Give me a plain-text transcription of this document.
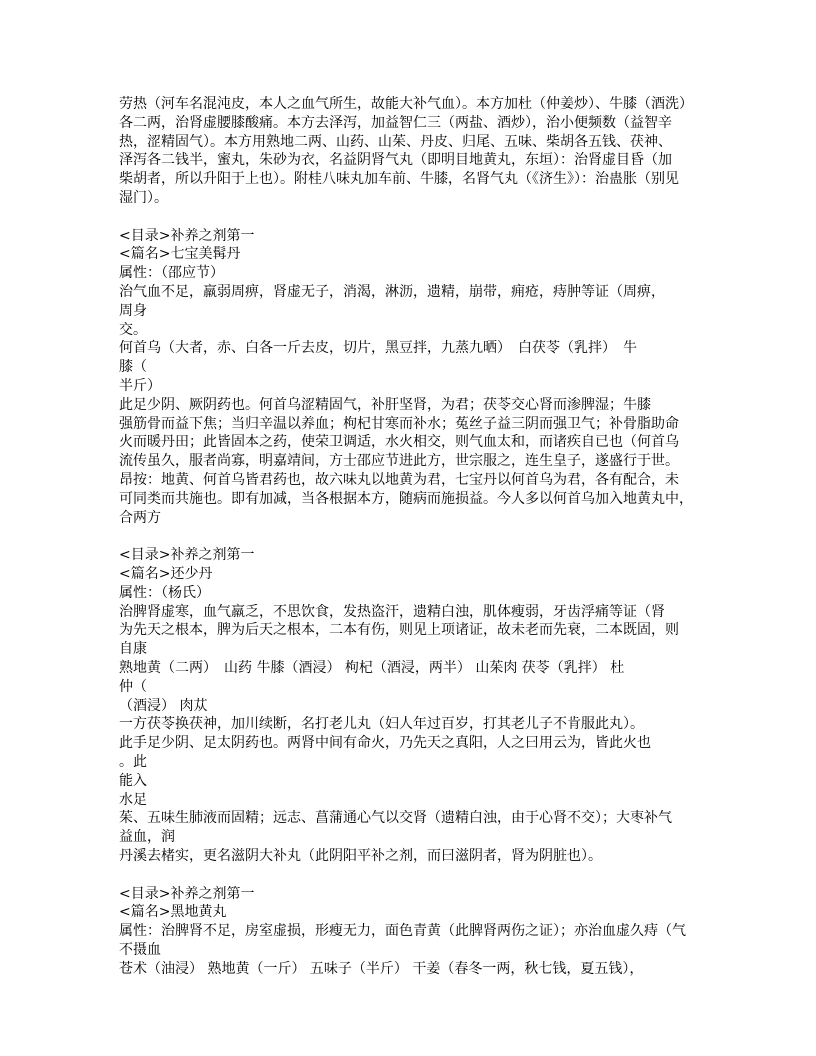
劳热（河车名混沌皮，本人之血气所生，故能大补气血）。本方加杜（仲姜炒）、牛膝（酒洗）
各二两，治肾虚腰膝酸痛。本方去泽泻，加益智仁三（两盐、酒炒），治小便频数（益智辛
热，涩精固气）。本方用熟地二两、山药、山茱、丹皮、归尾、五味、柴胡各五钱、茯神、
泽泻各二钱半，蜜丸，朱砂为衣，名益阴肾气丸（即明目地黄丸，东垣）：治肾虚目昏（加
柴胡者，所以升阳于上也）。附桂八味丸加车前、牛膝，名肾气丸（《济生》）：治蛊胀（别见
湿门）。
<目录>补养之剂第一
<篇名>七宝美髯丹
属性：（邵应节）
治气血不足，羸弱周痹，肾虚无子，消渴，淋沥，遗精，崩带，痈疮，痔肿等证（周痹，
周身
交。
何首乌（大者，赤、白各一斤去皮，切片，黑豆拌，九蒸九晒）　白茯苓（乳拌）　牛
膝（
半斤）
此足少阴、厥阴药也。何首乌涩精固气，补肝坚肾，为君；茯苓交心肾而渗脾湿；牛膝
强筋骨而益下焦；当归辛温以养血；枸杞甘寒而补水；菟丝子益三阴而强卫气；补骨脂助命
火而暖丹田；此皆固本之药，使荣卫调适，水火相交，则气血太和，而诸疾自已也（何首乌
流传虽久，服者尚寡，明嘉靖间，方士邵应节进此方，世宗服之，连生皇子，遂盛行于世。
昂按：地黄、何首乌皆君药也，故六味丸以地黄为君，七宝丹以何首乌为君，各有配合，未
可同类而共施也。即有加减，当各根据本方，随病而施损益。今人多以何首乌加入地黄丸中，
合两方
<目录>补养之剂第一
<篇名>还少丹
属性：（杨氏）
治脾肾虚寒，血气羸乏，不思饮食，发热盗汗，遗精白浊，肌体瘦弱，牙齿浮痛等证（肾
为先天之根本，脾为后天之根本，二本有伤，则见上项诸证，故未老而先衰，二本既固，则
自康
熟地黄（二两）　山药 牛膝（酒浸） 枸杞（酒浸，两半） 山茱肉 茯苓（乳拌） 杜
仲（
（酒浸） 肉苁
一方茯苓换茯神，加川续断，名打老儿丸（妇人年过百岁，打其老儿子不肯服此丸）。
此手足少阴、足太阴药也。两肾中间有命火，乃先天之真阳，人之曰用云为，皆此火也
。此
能入
水足
茱、五味生肺液而固精；远志、菖蒲通心气以交肾（遗精白浊，由于心肾不交）；大枣补气
益血，润
丹溪去楮实，更名滋阴大补丸（此阴阳平补之剂，而曰滋阴者，肾为阴脏也）。
<目录>补养之剂第一
<篇名>黑地黄丸
属性：治脾肾不足，房室虚损，形瘦无力，面色青黄（此脾肾两伤之证）；亦治血虚久痔（气
不摄血
苍术（油浸） 熟地黄（一斤） 五味子（半斤） 干姜（春冬一两，秋七钱，夏五钱），
